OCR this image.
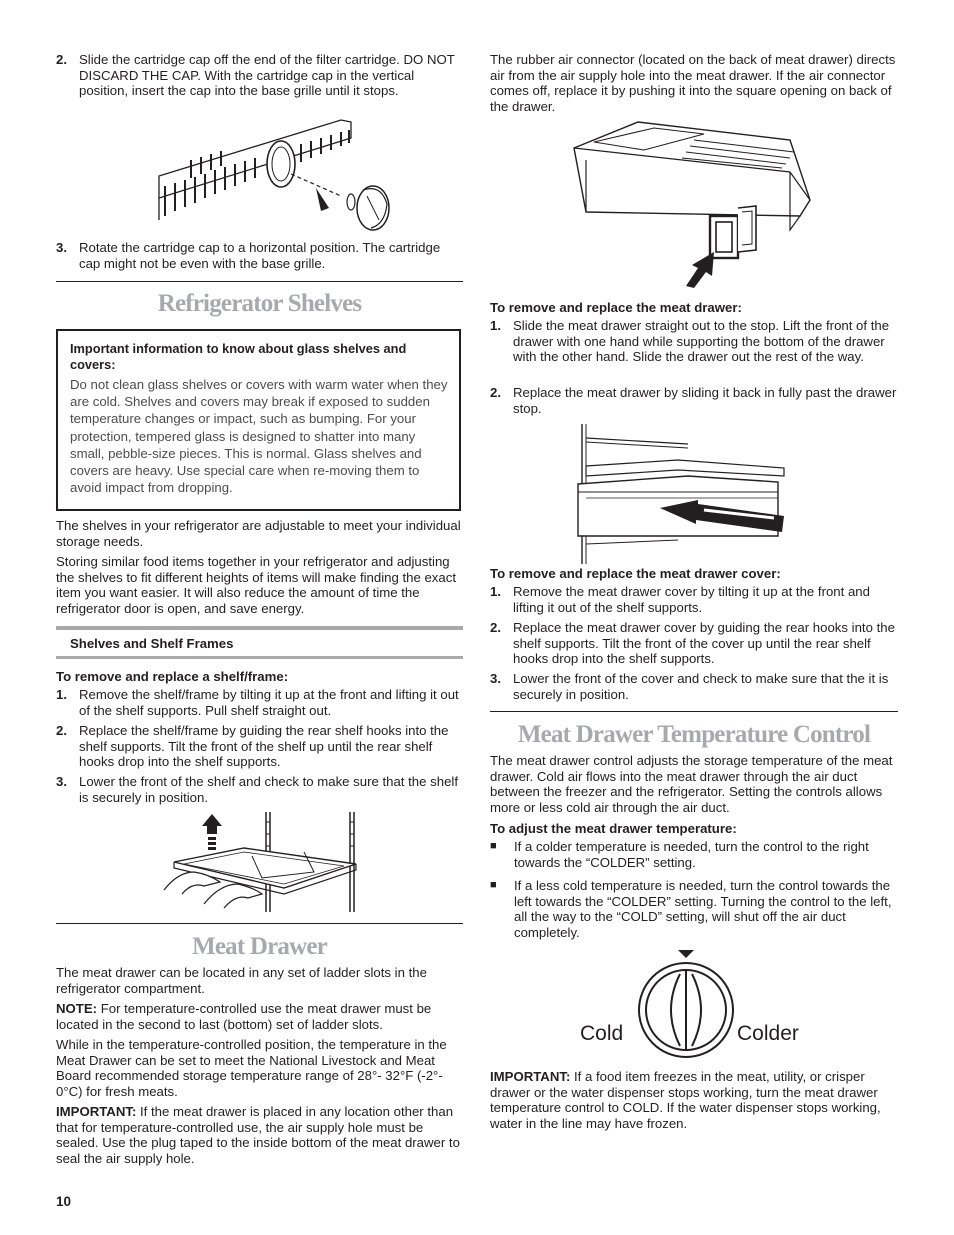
2. Slide the cartridge cap off the end of the filter cartridge. DO NOT DISCARD THE CAP. With the cartridge cap in the vertical position, insert the cap into the base grille until it stops.
3. Rotate the cartridge cap to a horizontal position. The cartridge cap might not be even with the base grille.
Refrigerator Shelves

Important information to know about glass shelves and covers:

Do not clean glass shelves or covers with warm water when they are cold. Shelves and covers may break if exposed to sudden temperature changes or impact, such as bumping. For your protection, tempered glass is designed to shatter into many small, pebble-size pieces. This is normal. Glass shelves and covers are heavy. Use special care when re-moving them to avoid impact from dropping.

The shelves in your refrigerator are adjustable to meet your individual storage needs.

Storing similar food items together in your refrigerator and adjusting the shelves to fit different heights of items will make finding the exact item you want easier. It will also reduce the amount of time the refrigerator door is open, and save energy.

Shelves and Shelf Frames

To remove and replace a shelf/frame:

1. Remove the shelf/frame by tilting it up at the front and lifting it out of the shelf supports. Pull shelf straight out.
2. Replace the shelf/frame by guiding the rear shelf hooks into the shelf supports. Tilt the front of the shelf up until the rear shelf hooks drop into the shelf supports.
3. Lower the front of the shelf and check to make sure that the shelf is securely in position.
Meat Drawer

The meat drawer can be located in any set of ladder slots in the refrigerator compartment.

NOTE: For temperature-controlled use the meat drawer must be located in the second to last (bottom) set of ladder slots.

While in the temperature-controlled position, the temperature in the Meat Drawer can be set to meet the National Livestock and Meat Board recommended storage temperature range of 28°- 32°F (-2°- 0°C) for fresh meats.

IMPORTANT: If the meat drawer is placed in any location other than that for temperature-controlled use, the air supply hole must be sealed. Use the plug taped to the inside bottom of the meat drawer to seal the air supply hole.

The rubber air connector (located on the back of meat drawer) directs air from the air supply hole into the meat drawer. If the air connector comes off, replace it by pushing it into the square opening on back of the drawer.

To remove and replace the meat drawer:

1. Slide the meat drawer straight out to the stop. Lift the front of the drawer with one hand while supporting the bottom of the drawer with the other hand. Slide the drawer out the rest of the way.
2. Replace the meat drawer by sliding it back in fully past the drawer stop.

To remove and replace the meat drawer cover:

1. Remove the meat drawer cover by tilting it up at the front and lifting it out of the shelf supports.
2. Replace the meat drawer cover by guiding the rear hooks into the shelf supports. Tilt the front of the cover up until the rear shelf hooks drop into the shelf supports.
3. Lower the front of the cover and check to make sure that the it is securely in position.
Meat Drawer Temperature Control

The meat drawer control adjusts the storage temperature of the meat drawer. Cold air flows into the meat drawer through the air duct between the freezer and the refrigerator. Setting the controls allows more or less cold air through the air duct.

To adjust the meat drawer temperature:

■ If a colder temperature is needed, turn the control to the right towards the “COLDER” setting.
■ If a less cold temperature is needed, turn the control towards the left towards the “COLDER” setting. Turning the control to the left, all the way to the “COLD” setting, will shut off the air duct completely.
Cold	Colder

IMPORTANT: If a food item freezes in the meat, utility, or crisper drawer or the water dispenser stops working, turn the meat drawer temperature control to COLD. If the water dispenser stops working, water in the line may have frozen.

10
